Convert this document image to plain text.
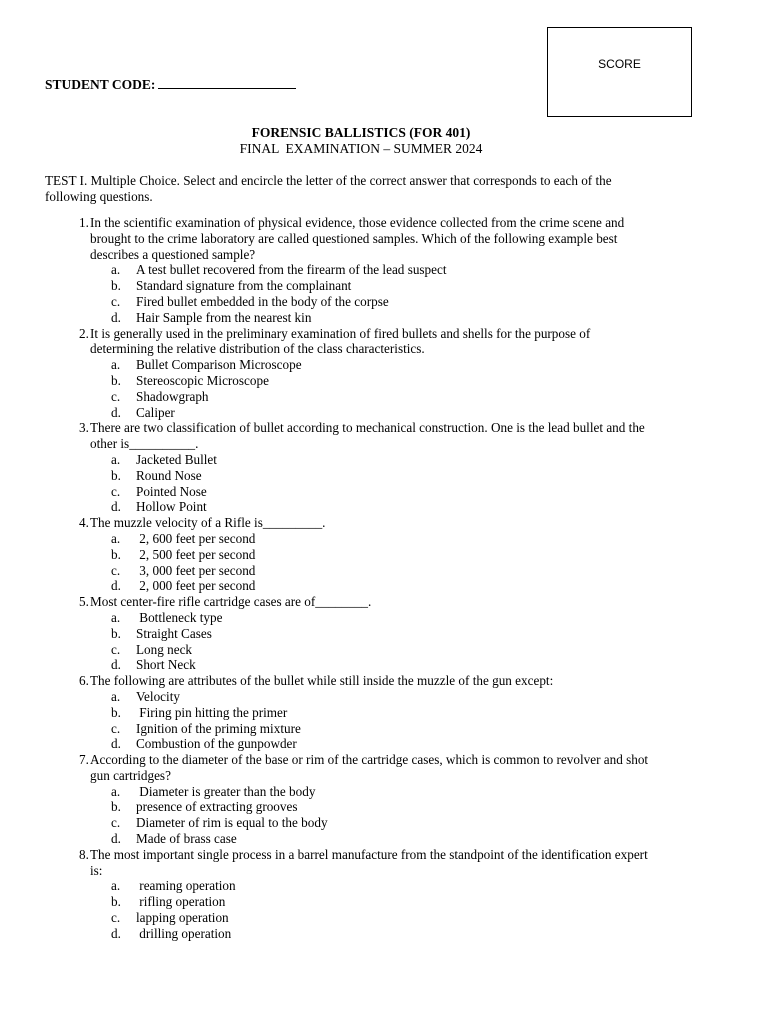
SCORE
STUDENT CODE:
FORENSIC BALLISTICS (FOR 401)
FINAL  EXAMINATION – SUMMER 2024
TEST I. Multiple Choice. Select and encircle the letter of the correct answer that corresponds to each of the following questions.
1. In the scientific examination of physical evidence, those evidence collected from the crime scene and
brought to the crime laboratory are called questioned samples. Which of the following example best
describes a questioned sample?
a.	A test bullet recovered from the firearm of the lead suspect
b.	Standard signature from the complainant
c.	Fired bullet embedded in the body of the corpse
d.	Hair Sample from the nearest kin
2. It is generally used in the preliminary examination of fired bullets and shells for the purpose of
determining the relative distribution of the class characteristics.
a.	Bullet Comparison Microscope
b.	Stereoscopic Microscope
c.	Shadowgraph
d.	Caliper
3. There are two classification of bullet according to mechanical construction. One is the lead bullet and the
other is__________.
a.	Jacketed Bullet
b.	Round Nose
c.	Pointed Nose
d.	Hollow Point
4. The muzzle velocity of a Rifle is_________.
a.	2, 600 feet per second
b.	2, 500 feet per second
c.	3, 000 feet per second
d.	2, 000 feet per second
5. Most center-fire rifle cartridge cases are of________.
a.	Bottleneck type
b.	Straight Cases
c.	Long neck
d.	Short Neck
6. The following are attributes of the bullet while still inside the muzzle of the gun except:
a.	Velocity
b.	Firing pin hitting the primer
c.	Ignition of the priming mixture
d.	Combustion of the gunpowder
7. According to the diameter of the base or rim of the cartridge cases, which is common to revolver and shot
gun cartridges?
a.	Diameter is greater than the body
b.	presence of extracting grooves
c.	Diameter of rim is equal to the body
d.	Made of brass case
8. The most important single process in a barrel manufacture from the standpoint of the identification expert
is:
a.	reaming operation
b.	rifling operation
c.	lapping operation
d.	drilling operation
